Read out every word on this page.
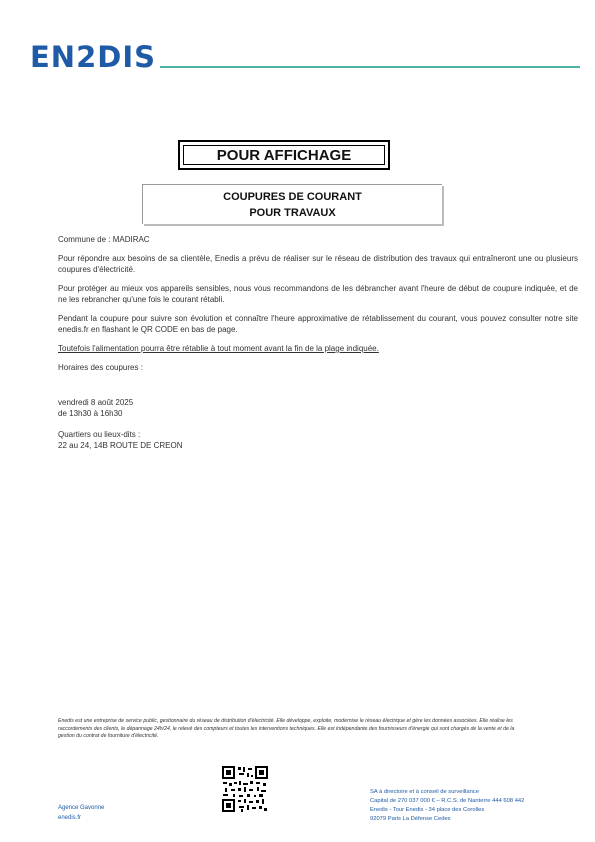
EN2DIS
POUR AFFICHAGE
COUPURES DE COURANT
POUR TRAVAUX

Commune de : MADIRAC

Pour répondre aux besoins de sa clientèle, Enedis a prévu de réaliser sur le réseau de distribution des travaux qui entraîneront une ou plusieurs coupures d'électricité.

Pour protéger au mieux vos appareils sensibles, nous vous recommandons de les débrancher avant l'heure de début de coupure indiquée, et de ne les rebrancher qu'une fois le courant rétabli.

Pendant la coupure pour suivre son évolution et connaître l'heure approximative de rétablissement du courant, vous pouvez consulter notre site enedis.fr en flashant le QR CODE en bas de page.

Toutefois l'alimentation pourra être rétablie à tout moment avant la fin de la plage indiquée.

Horaires des coupures :

vendredi 8 août 2025
de 13h30 à 16h30

Quartiers ou lieux-dits :
22 au 24, 14B ROUTE DE CREON

Enedis est une entreprise de service public, gestionnaire du réseau de distribution d'électricité. Elle développe, exploite, modernise le réseau électrique et gère les données associées. Elle réalise les raccordements des clients, le dépannage 24h/24, le relevé des compteurs et toutes les interventions techniques. Elle est indépendante des fournisseurs d'énergie qui sont chargés de la vente et de la gestion du contrat de fourniture d'électricité.
Agence Gavonne
enedis.fr
SA à directoire et à conseil de surveillance
Capital de 270 037 000 € – R.C.S. de Nanterre 444 608 442
Enedis - Tour Enedis - 34 place des Corolles
92079 Paris La Défense Cedex
